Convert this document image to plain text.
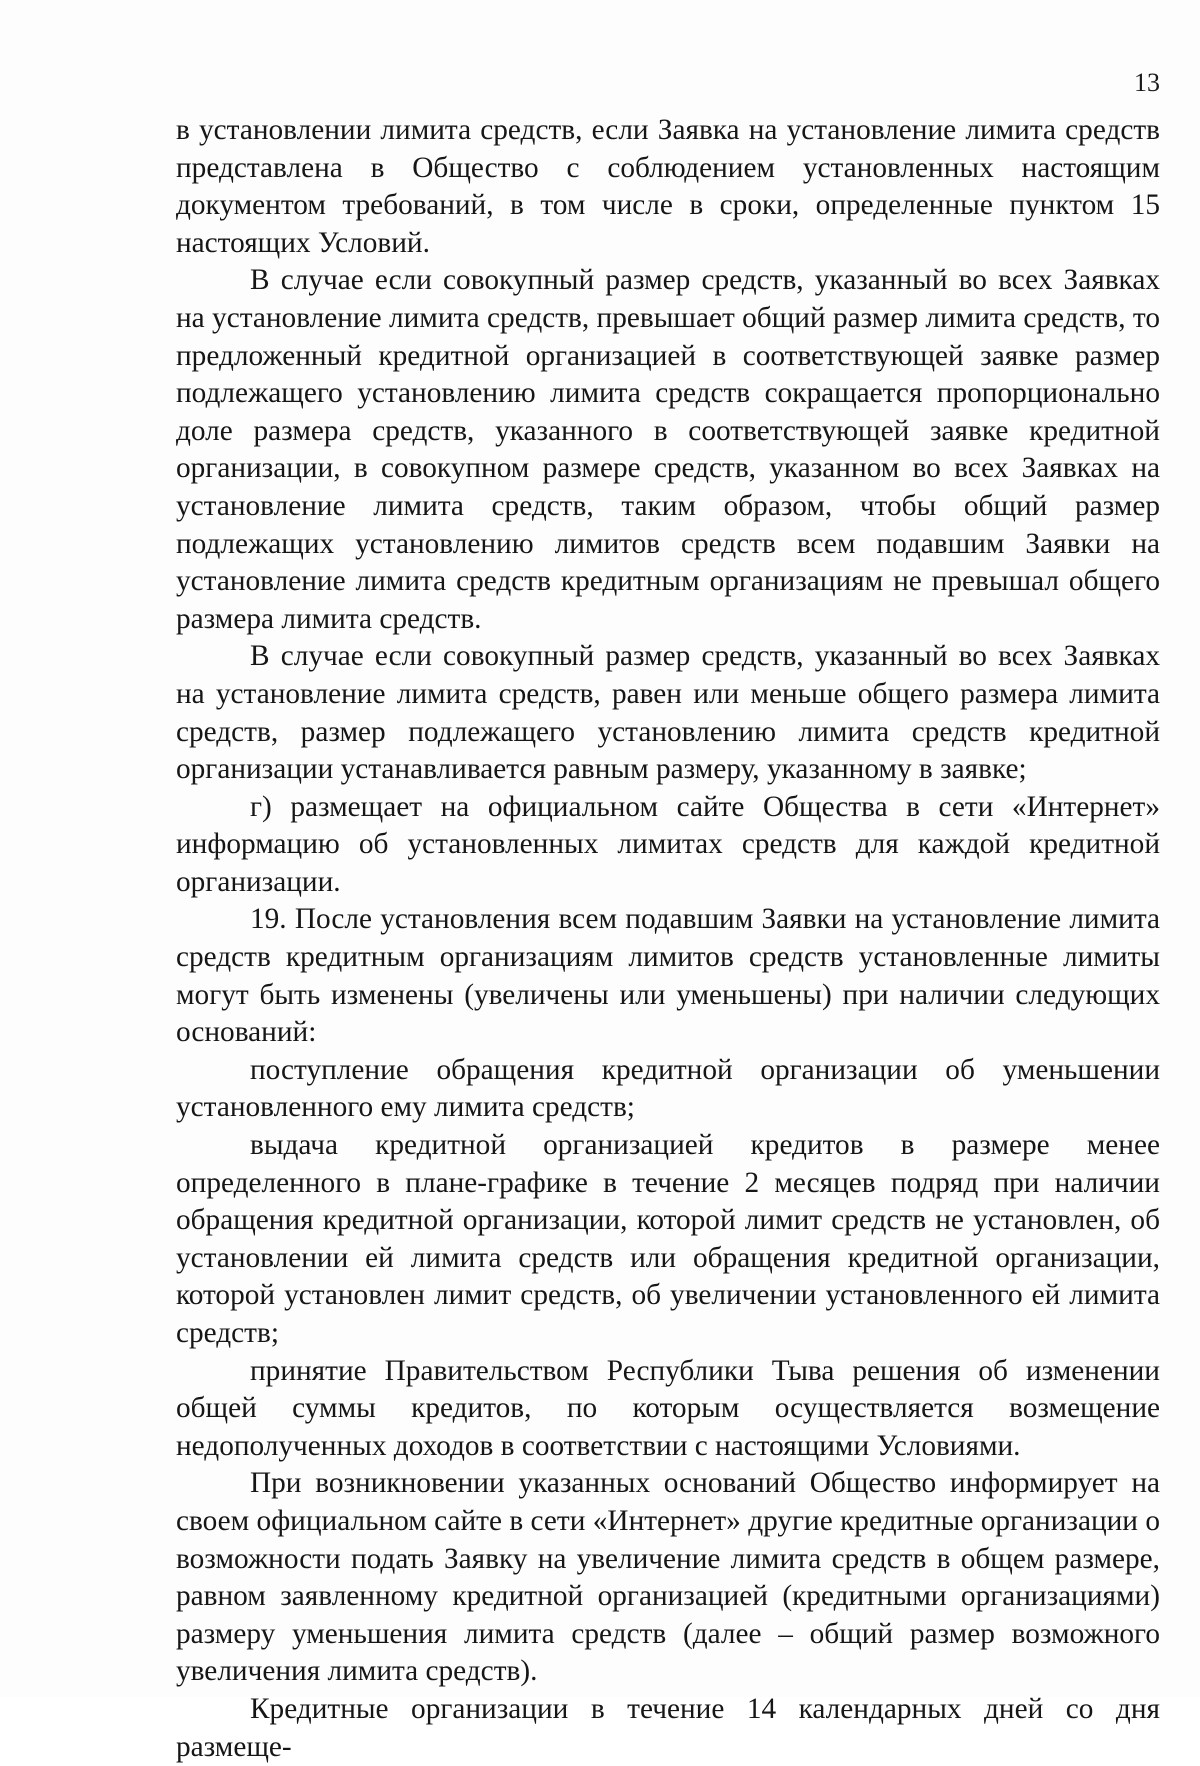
13

в установлении лимита средств, если Заявка на установление лимита средств представлена в Общество с соблюдением установленных настоящим документом требований, в том числе в сроки, определенные пунктом 15 настоящих Условий.

В случае если совокупный размер средств, указанный во всех Заявках на установление лимита средств, превышает общий размер лимита средств, то предложенный кредитной организацией в соответствующей заявке размер подлежащего установлению лимита средств сокращается пропорционально доле размера средств, указанного в соответствующей заявке кредитной организации, в совокупном размере средств, указанном во всех Заявках на установление лимита средств, таким образом, чтобы общий размер подлежащих установлению лимитов средств всем подавшим Заявки на установление лимита средств кредитным организациям не превышал общего размера лимита средств.

В случае если совокупный размер средств, указанный во всех Заявках на установление лимита средств, равен или меньше общего размера лимита средств, размер подлежащего установлению лимита средств кредитной организации устанавливается равным размеру, указанному в заявке;

г) размещает на официальном сайте Общества в сети «Интернет» информацию об установленных лимитах средств для каждой кредитной организации.

19. После установления всем подавшим Заявки на установление лимита средств кредитным организациям лимитов средств установленные лимиты могут быть изменены (увеличены или уменьшены) при наличии следующих оснований:

поступление обращения кредитной организации об уменьшении установленного ему лимита средств;

выдача кредитной организацией кредитов в размере менее определенного в плане-графике в течение 2 месяцев подряд при наличии обращения кредитной организации, которой лимит средств не установлен, об установлении ей лимита средств или обращения кредитной организации, которой установлен лимит средств, об увеличении установленного ей лимита средств;

принятие Правительством Республики Тыва решения об изменении общей суммы кредитов, по которым осуществляется возмещение недополученных доходов в соответствии с настоящими Условиями.

При возникновении указанных оснований Общество информирует на своем официальном сайте в сети «Интернет» другие кредитные организации о возможности подать Заявку на увеличение лимита средств в общем размере, равном заявленному кредитной организацией (кредитными организациями) размеру уменьшения лимита средств (далее – общий размер возможного увеличения лимита средств).

Кредитные организации в течение 14 календарных дней со дня размеще-
